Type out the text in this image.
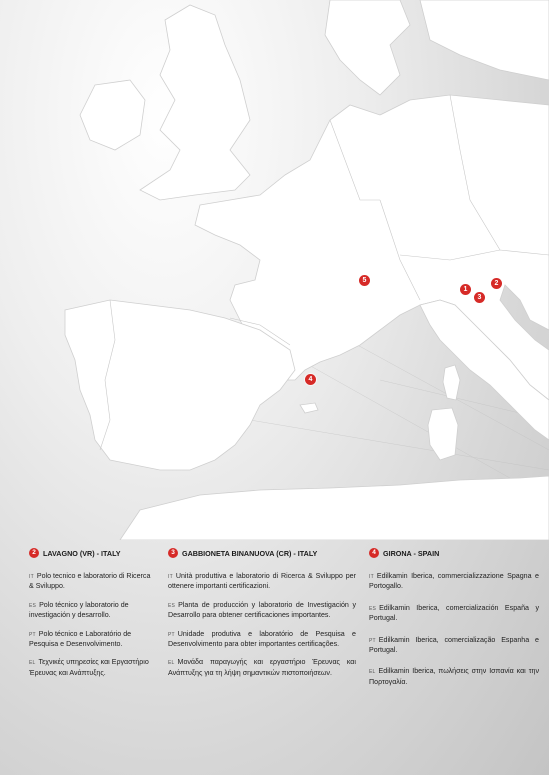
5	2
1
3
4
2 LAVAGNO (VR) - ITALY
IT Polo tecnico e laboratorio di Ricerca & Sviluppo.
ES Polo técnico y laboratorio de investigación y desarrollo.
PT Polo técnico e Laboratório de Pesquisa e Desenvolvimento.
EL Τεχνικές υπηρεσίες και Εργαστήριο Έρευνας και Ανάπτυξης.
3 GABBIONETA BINANUOVA (CR) - ITALY
IT Unità produttiva e laboratorio di Ricerca & Sviluppo per ottenere importanti certificazioni.
ES Planta de producción y laboratorio de Investigación y Desarrollo para obtener certificaciones importantes.
PT Unidade produtiva e laboratório de Pesquisa e Desenvolvimento para obter importantes certificações.
EL Μονάδα παραγωγής και εργαστήριο Έρευνας και Ανάπτυξης για τη λήψη σημαντικών πιστοποιήσεων.
4 GIRONA - SPAIN
IT Edilkamin Iberica, commercializzazione Spagna e Portogallo.
ES Edilkamin Iberica, comercialización España y Portugal.
PT Edilkamin Iberica, comercialização Espanha e Portugal.
EL Edilkamin Iberica, πωλήσεις στην Ισπανία και την Πορτογαλία.
